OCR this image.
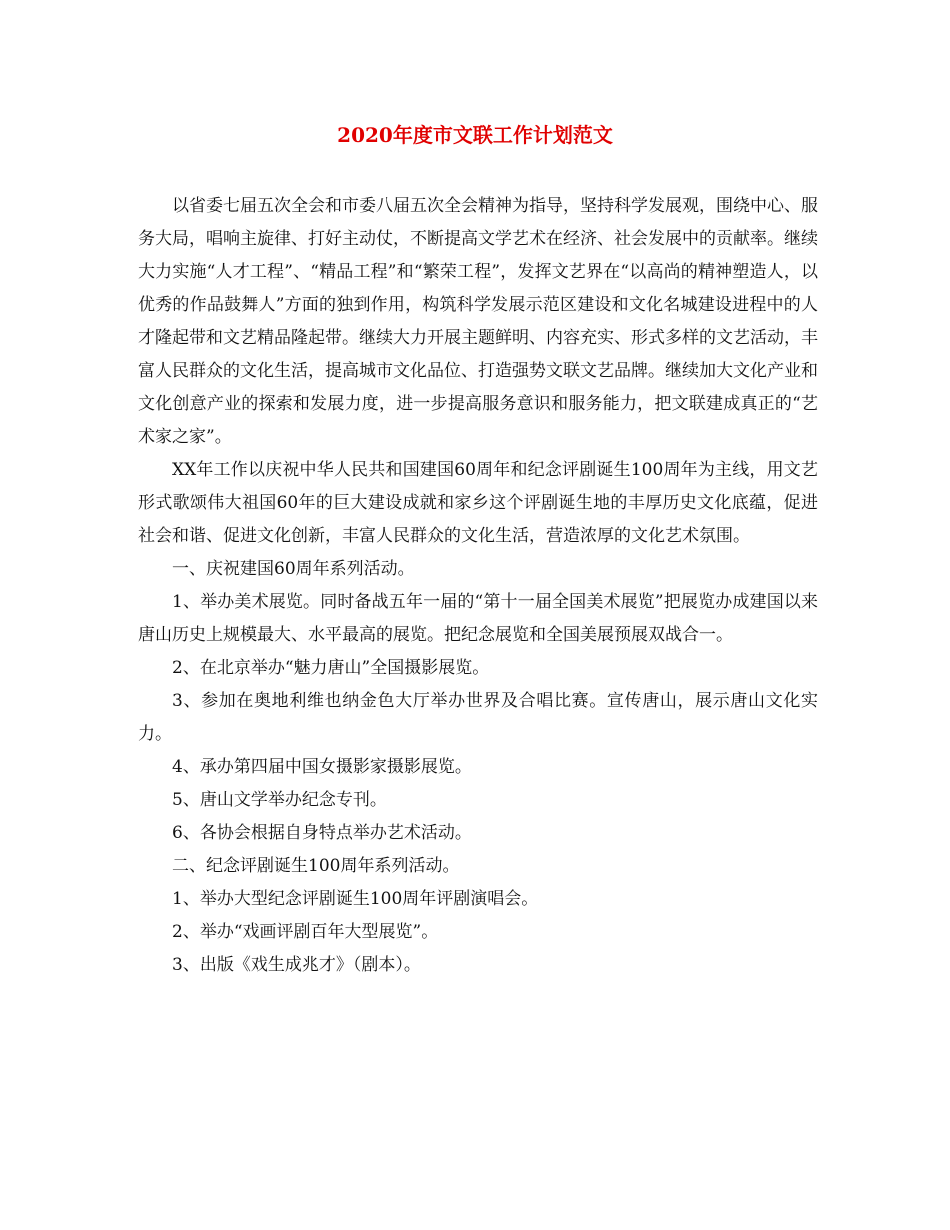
2020年度市文联工作计划范文

以省委七届五次全会和市委八届五次全会精神为指导，坚持科学发展观，围绕中心、服务大局，唱响主旋律、打好主动仗，不断提高文学艺术在经济、社会发展中的贡献率。继续大力实施“人才工程”、“精品工程”和“繁荣工程”，发挥文艺界在“以高尚的精神塑造人，以优秀的作品鼓舞人”方面的独到作用，构筑科学发展示范区建设和文化名城建设进程中的人才隆起带和文艺精品隆起带。继续大力开展主题鲜明、内容充实、形式多样的文艺活动，丰富人民群众的文化生活，提高城市文化品位、打造强势文联文艺品牌。继续加大文化产业和文化创意产业的探索和发展力度，进一步提高服务意识和服务能力，把文联建成真正的“艺术家之家”。

XX年工作以庆祝中华人民共和国建国60周年和纪念评剧诞生100周年为主线，用文艺形式歌颂伟大祖国60年的巨大建设成就和家乡这个评剧诞生地的丰厚历史文化底蕴，促进社会和谐、促进文化创新，丰富人民群众的文化生活，营造浓厚的文化艺术氛围。

一、庆祝建国60周年系列活动。

1、举办美术展览。同时备战五年一届的“第十一届全国美术展览”把展览办成建国以来唐山历史上规模最大、水平最高的展览。把纪念展览和全国美展预展双战合一。

2、在北京举办“魅力唐山”全国摄影展览。

3、参加在奥地利维也纳金色大厅举办世界及合唱比赛。宣传唐山，展示唐山文化实力。

4、承办第四届中国女摄影家摄影展览。

5、唐山文学举办纪念专刊。

6、各协会根据自身特点举办艺术活动。

二、纪念评剧诞生100周年系列活动。

1、举办大型纪念评剧诞生100周年评剧演唱会。

2、举办“戏画评剧百年大型展览”。

3、出版《戏生成兆才》（剧本）。
